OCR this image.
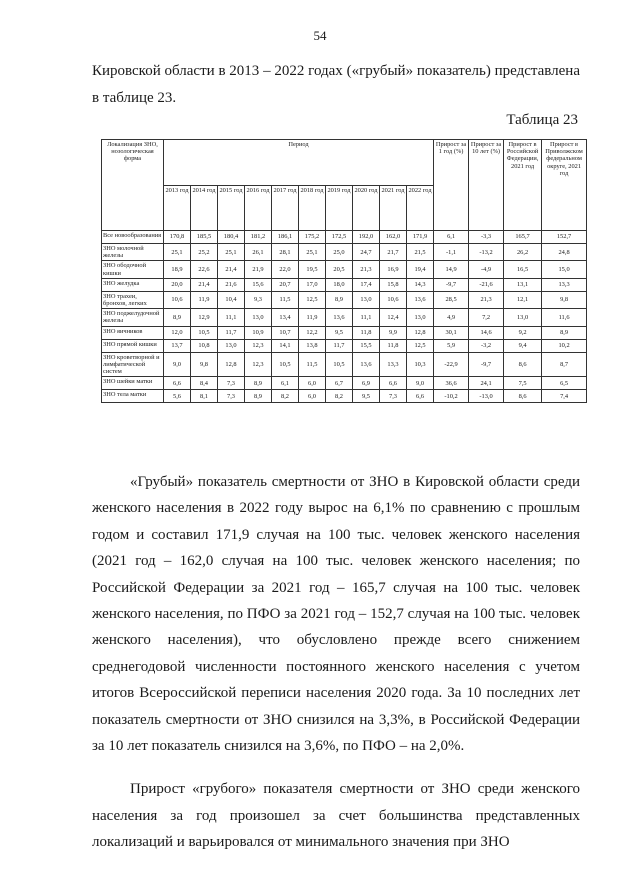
54

Кировской области в 2013 – 2022 годах («грубый» показатель) представлена в таблице 23.

Таблица 23
Локализация ЗНО, нозологическая форма	Период										Прирост за 1 год (%)	Прирост за 10 лет (%)	Прирост в Российской Федерации, 2021 год	Прирост в Приволжском федеральном округе, 2021 год
	2013 год	2014 год	2015 год	2016 год	2017 год	2018 год	2019 год	2020 год	2021 год	2022 год				
Все новообразования	170,8	185,5	180,4	181,2	186,1	175,2	172,5	192,0	162,0	171,9	6,1	-3,3	165,7	152,7
ЗНО молочной железы	25,1	25,2	25,1	26,1	28,1	25,1	25,0	24,7	21,7	21,5	-1,1	-13,2	26,2	24,8
ЗНО ободочной кишки	18,9	22,6	21,4	21,9	22,0	19,5	20,5	21,3	16,9	19,4	14,9	-4,9	16,5	15,0
ЗНО желудка	20,0	21,4	21,6	15,6	20,7	17,0	18,0	17,4	15,8	14,3	-9,7	-21,6	13,1	13,3
ЗНО трахеи, бронхов, легких	10,6	11,9	10,4	9,3	11,5	12,5	8,9	13,0	10,6	13,6	28,5	21,3	12,1	9,8
ЗНО поджелудочной железы	8,9	12,9	11,1	13,0	13,4	11,9	13,6	11,1	12,4	13,0	4,9	7,2	13,0	11,6
ЗНО яичников	12,0	10,5	11,7	10,9	10,7	12,2	9,5	11,8	9,9	12,8	30,1	14,6	9,2	8,9
ЗНО прямой кишки	13,7	10,8	13,0	12,3	14,1	13,8	11,7	15,5	11,8	12,5	5,9	-3,2	9,4	10,2
ЗНО кроветворной и лимфатической систем	9,0	9,8	12,8	12,3	10,5	11,5	10,5	13,6	13,3	10,3	-22,9	-9,7	8,6	8,7
ЗНО шейки матки	6,6	8,4	7,3	8,9	6,1	6,0	6,7	6,9	6,6	9,0	36,6	24,1	7,5	6,5
ЗНО тела матки	5,6	8,1	7,3	8,9	8,2	6,0	8,2	9,5	7,3	6,6	-10,2	-13,0	8,6	7,4

«Грубый» показатель смертности от ЗНО в Кировской области среди женского населения в 2022 году вырос на 6,1% по сравнению с прошлым годом и составил 171,9 случая на 100 тыс. человек женского населения (2021 год – 162,0 случая на 100 тыс. человек женского населения; по Российской Федерации за 2021 год – 165,7 случая на 100 тыс. человек женского населения, по ПФО за 2021 год – 152,7 случая на 100 тыс. человек женского населения), что обусловлено прежде всего снижением среднегодовой численности постоянного женского населения с учетом итогов Всероссийской переписи населения 2020 года. За 10 последних лет показатель смертности от ЗНО снизился на 3,3%, в Российской Федерации за 10 лет показатель снизился на 3,6%, по ПФО – на 2,0%.

Прирост «грубого» показателя смертности от ЗНО среди женского населения за год произошел за счет большинства представленных локализаций и варьировался от минимального значения при ЗНО
